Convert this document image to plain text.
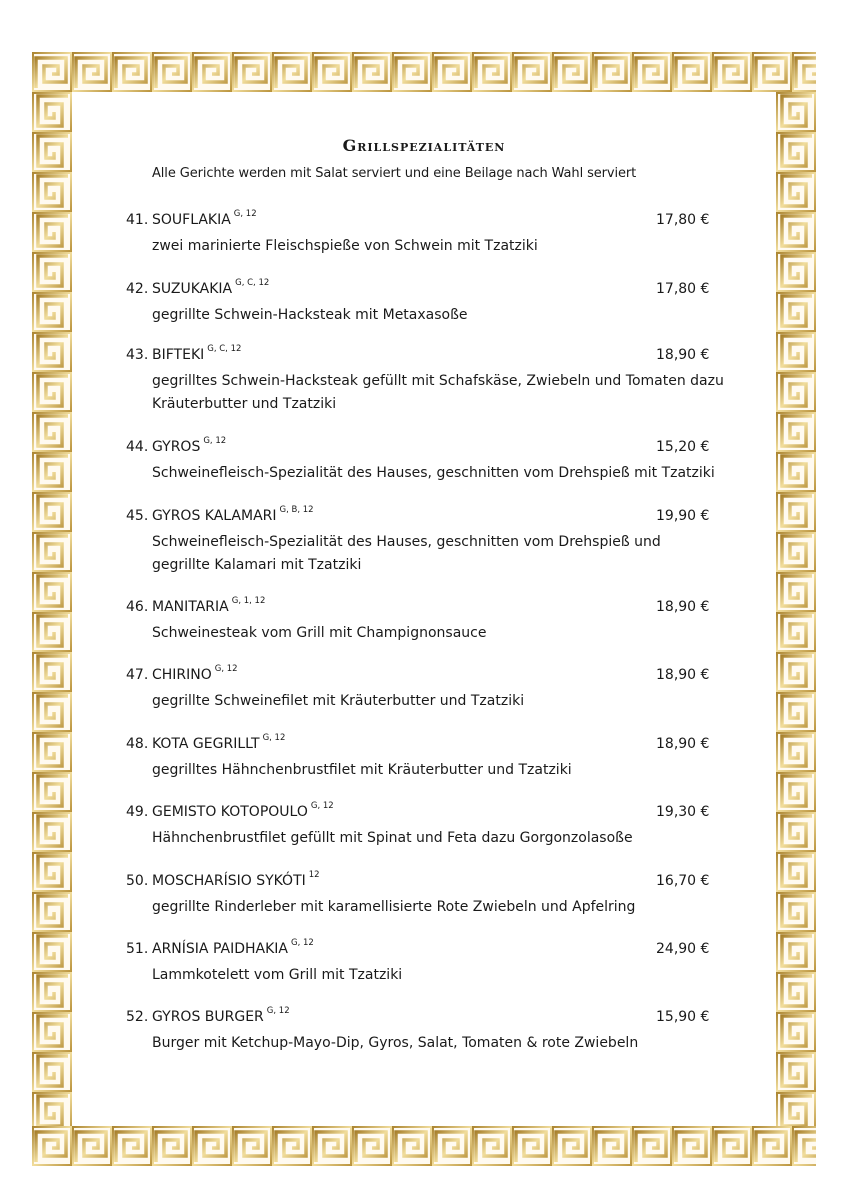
Grillspezialitäten
Alle Gerichte werden mit Salat serviert und eine Beilage nach Wahl serviert
41. SOUFLAKIA $^{G, 12}$	17,80 €
zwei marinierte Fleischspieße von Schwein mit Tzatziki
42. SUZUKAKIA $^{G, C, 12}$	17,80 €
gegrillte Schwein-Hacksteak mit Metaxasoße
43. BIFTEKI $^{G, C, 12}$	18,90 €
gegrilltes Schwein-Hacksteak gefüllt mit Schafskäse, Zwiebeln und Tomaten dazu Kräuterbutter und Tzatziki
44. GYROS $^{G, 12}$	15,20 €
Schweinefleisch-Spezialität des Hauses, geschnitten vom Drehspieß mit Tzatziki
45. GYROS KALAMARI $^{G, B, 12}$	19,90 €
Schweinefleisch-Spezialität des Hauses, geschnitten vom Drehspieß und gegrillte Kalamari mit Tzatziki
46. MANITARIA $^{G, 1, 12}$	18,90 €
Schweinesteak vom Grill mit Champignonsauce
47. CHIRINO $^{G, 12}$	18,90 €
gegrillte Schweinefilet mit Kräuterbutter und Tzatziki
48. KOTA GEGRILLT $^{G, 12}$	18,90 €
gegrilltes Hähnchenbrustfilet mit Kräuterbutter und Tzatziki
49. GEMISTO KOTOPOULO $^{G, 12}$	19,30 €
Hähnchenbrustfilet gefüllt mit Spinat und Feta dazu Gorgonzolasoße
50. MOSCHARÍSIO SYKÓTI $^{12}$	16,70 €
gegrillte Rinderleber mit karamellisierte Rote Zwiebeln und Apfelring
51. ARNÍSIA PAIDHAKIA $^{G, 12}$	24,90 €
Lammkotelett vom Grill mit Tzatziki
52. GYROS BURGER $^{G, 12}$	15,90 €
Burger mit Ketchup-Mayo-Dip, Gyros, Salat, Tomaten & rote Zwiebeln
